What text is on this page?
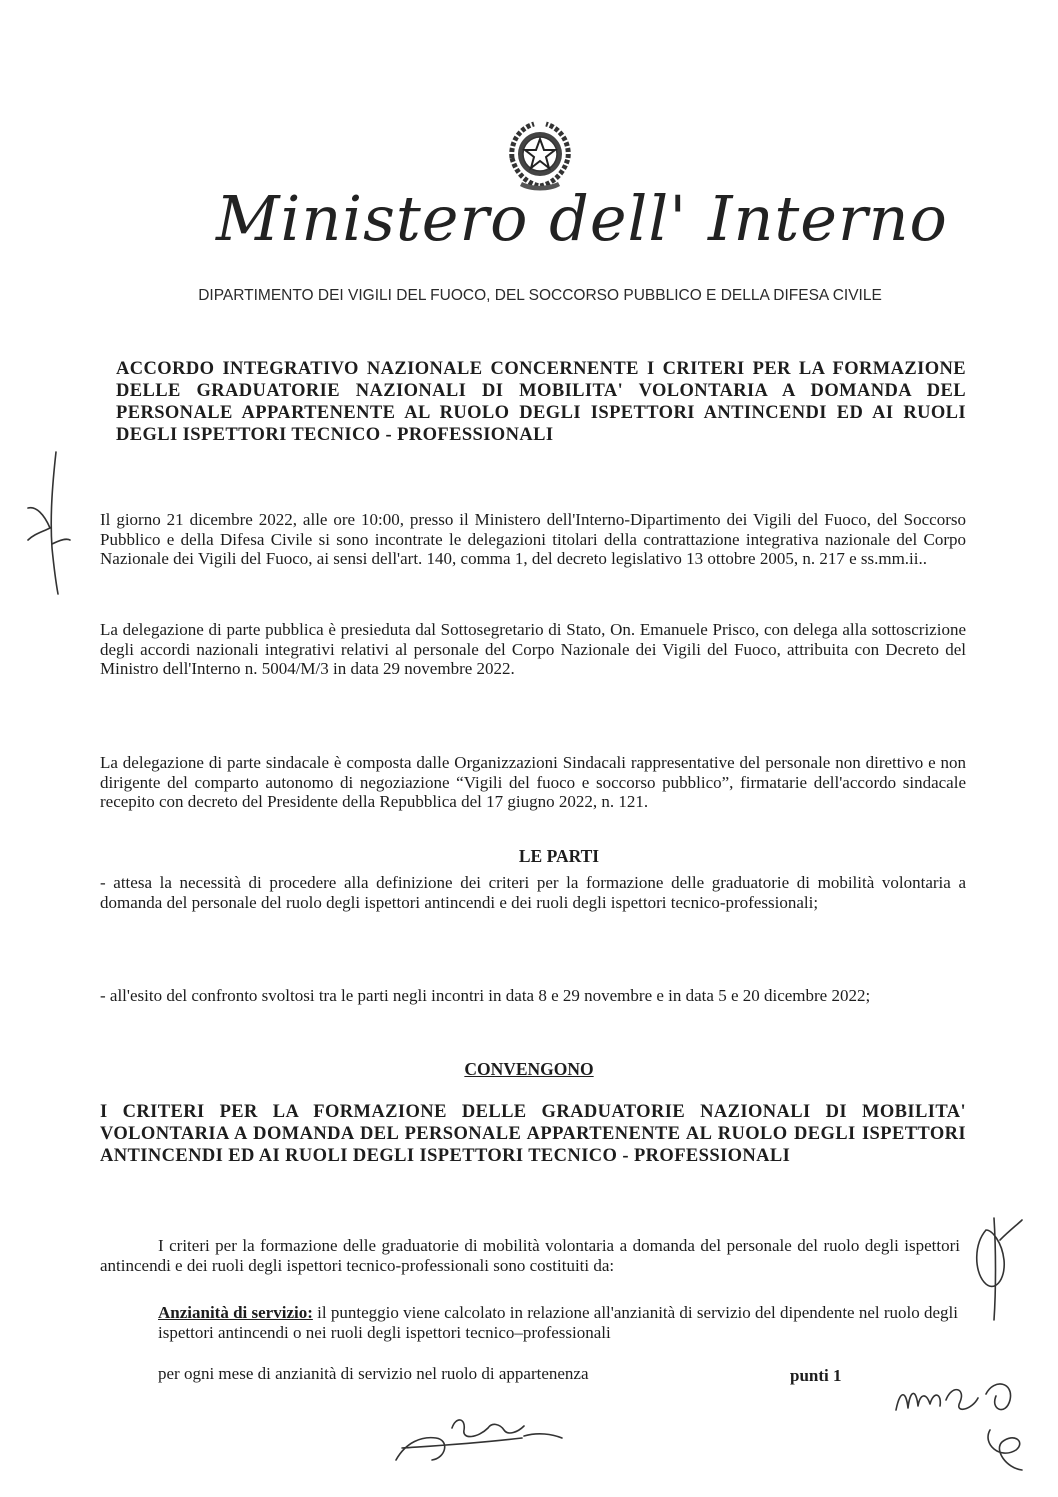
Ministero dell' Interno
DIPARTIMENTO DEI VIGILI DEL FUOCO, DEL SOCCORSO PUBBLICO E DELLA DIFESA CIVILE
ACCORDO INTEGRATIVO NAZIONALE CONCERNENTE I CRITERI PER LA FORMAZIONE DELLE GRADUATORIE NAZIONALI DI MOBILITA' VOLONTARIA A DOMANDA DEL PERSONALE APPARTENENTE AL RUOLO DEGLI ISPETTORI ANTINCENDI ED AI RUOLI DEGLI ISPETTORI TECNICO - PROFESSIONALI
Il giorno 21 dicembre 2022, alle ore 10:00, presso il Ministero dell'Interno-Dipartimento dei Vigili del Fuoco, del Soccorso Pubblico e della Difesa Civile si sono incontrate le delegazioni titolari della contrattazione integrativa nazionale del Corpo Nazionale dei Vigili del Fuoco, ai sensi dell'art. 140, comma 1, del decreto legislativo 13 ottobre 2005, n. 217 e ss.mm.ii..
La delegazione di parte pubblica è presieduta dal Sottosegretario di Stato, On. Emanuele Prisco, con delega alla sottoscrizione degli accordi nazionali integrativi relativi al personale del Corpo Nazionale dei Vigili del Fuoco, attribuita con Decreto del Ministro dell'Interno n. 5004/M/3 in data 29 novembre 2022.
La delegazione di parte sindacale è composta dalle Organizzazioni Sindacali rappresentative del personale non direttivo e non dirigente del comparto autonomo di negoziazione “Vigili del fuoco e soccorso pubblico”, firmatarie dell'accordo sindacale recepito con decreto del Presidente della Repubblica del 17 giugno 2022, n. 121.
LE PARTI
- attesa la necessità di procedere alla definizione dei criteri per la formazione delle graduatorie di mobilità volontaria a domanda del personale del ruolo degli ispettori antincendi e dei ruoli degli ispettori tecnico-professionali;
- all'esito del confronto svoltosi tra le parti negli incontri in data 8 e 29 novembre e in data 5 e 20 dicembre 2022;
CONVENGONO
I CRITERI PER LA FORMAZIONE DELLE GRADUATORIE NAZIONALI DI MOBILITA' VOLONTARIA A DOMANDA DEL PERSONALE APPARTENENTE AL RUOLO DEGLI ISPETTORI ANTINCENDI ED AI RUOLI DEGLI ISPETTORI TECNICO - PROFESSIONALI
I criteri per la formazione delle graduatorie di mobilità volontaria a domanda del personale del ruolo degli ispettori antincendi e dei ruoli degli ispettori tecnico-professionali sono costituiti da:
Anzianità di servizio: il punteggio viene calcolato in relazione all'anzianità di servizio del dipendente nel ruolo degli ispettori antincendi o nei ruoli degli ispettori tecnico–professionali
per ogni mese di anzianità di servizio nel ruolo di appartenenza	punti 1
